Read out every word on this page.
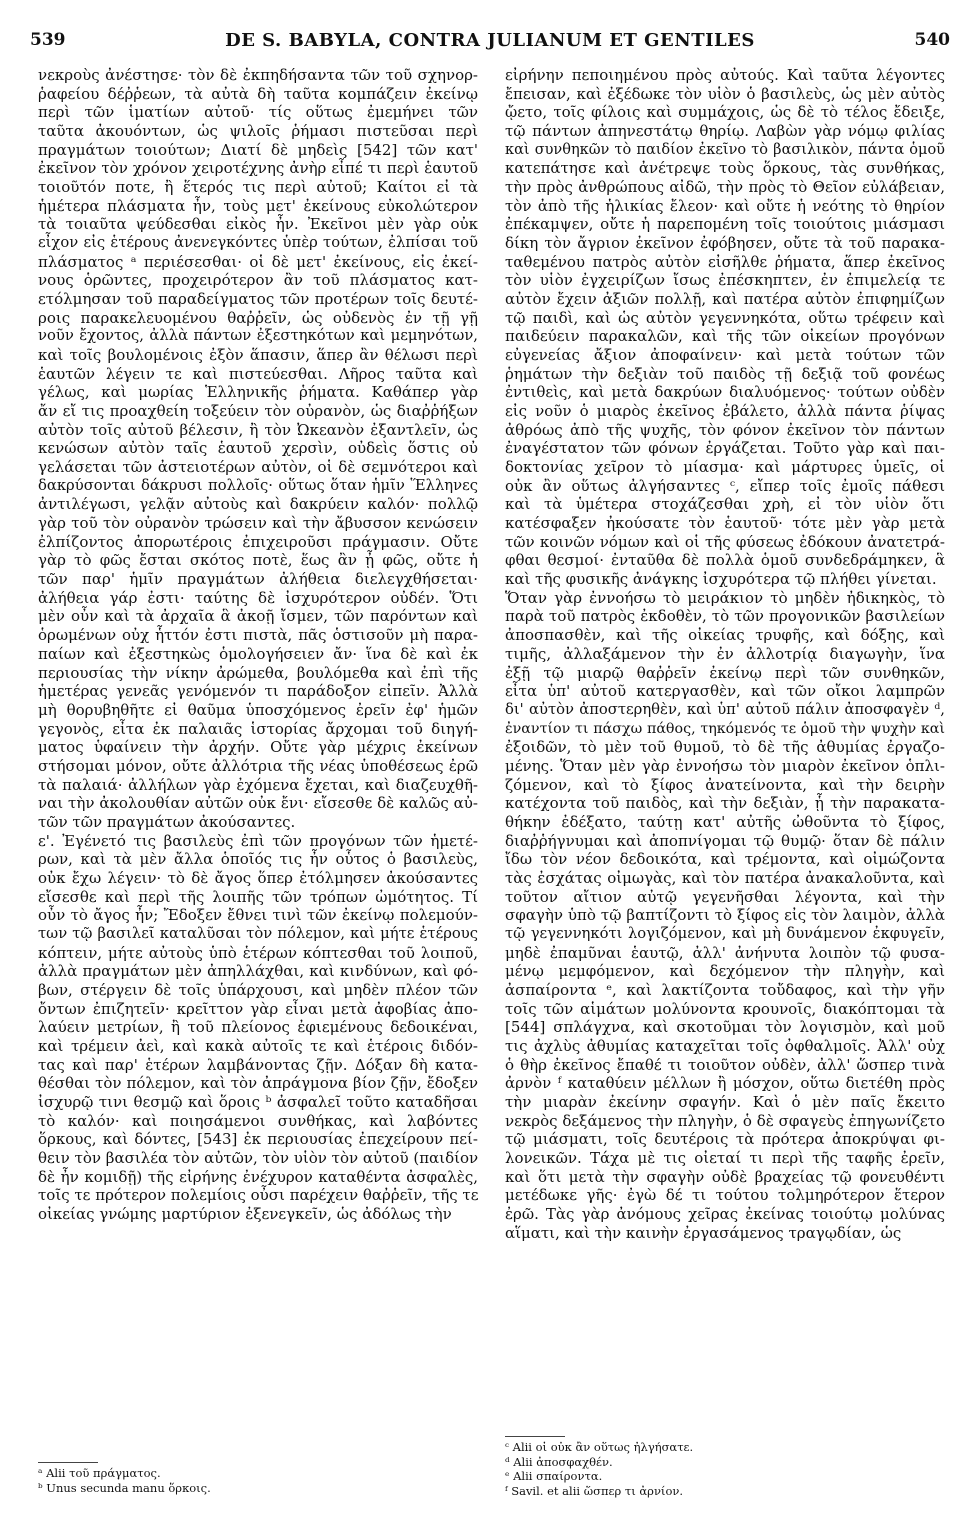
539	DE S. BABYLA, CONTRA JULIANUM ET GENTILES	540
νεκροὺς ἀνέστησε· τὸν δὲ ἐκπηδήσαντα τῶν τοῦ σχηνορ-
ῥαφείου δέῤῥεων, τὰ αὐτὰ δὴ ταῦτα κομπάζειν ἐκείνῳ
περὶ τῶν ἱματίων αὐτοῦ· τίς οὕτως ἐμεμήνει τῶν
ταῦτα ἀκουόντων, ὡς ψιλοῖς ῥήμασι πιστεῦσαι περὶ
πραγμάτων τοιούτων; Διατί δὲ μηδεὶς [542] τῶν κατ'
ἐκεῖνον τὸν χρόνον χειροτέχνης ἀνὴρ εἶπέ τι περὶ ἑαυτοῦ
τοιοῦτόν ποτε, ἢ ἕτερός τις περὶ αὐτοῦ; Καίτοι εἰ τὰ
ἡμέτερα πλάσματα ἦν, τοὺς μετ' ἐκείνους εὐκολώτερον
τὰ τοιαῦτα ψεύδεσθαι εἰκὸς ἦν. Ἐκεῖνοι μὲν γὰρ οὐκ
εἶχον εἰς ἑτέρους ἀνενεγκόντες ὑπὲρ τούτων, ἐλπίσαι τοῦ
πλάσματος ᵃ περιέσεσθαι· οἱ δὲ μετ' ἐκείνους, εἰς ἐκεί-
νους ὁρῶντες, προχειρότερον ἂν τοῦ πλάσματος κατ-
ετόλμησαν τοῦ παραδείγματος τῶν προτέρων τοῖς δευτέ-
ροις παρακελευομένου θαῤῥεῖν, ὡς οὐδενὸς ἐν τῇ γῇ
νοῦν ἔχοντος, ἀλλὰ πάντων ἐξεστηκότων καὶ μεμηνότων,
καὶ τοῖς βουλομένοις ἐξὸν ἅπασιν, ἅπερ ἂν θέλωσι περὶ
ἑαυτῶν λέγειν τε καὶ πιστεύεσθαι. Λῆρος ταῦτα καὶ
γέλως, καὶ μωρίας Ἑλληνικῆς ῥήματα. Καθάπερ γὰρ
ἄν εἴ τις προαχθείη τοξεύειν τὸν οὐρανὸν, ὡς διαῤῥήξων
αὐτὸν τοῖς αὐτοῦ βέλεσιν, ἢ τὸν Ὠκεανὸν ἐξαντλεῖν, ὡς
κενώσων αὐτὸν ταῖς ἑαυτοῦ χερσὶν, οὐδεὶς ὅστις οὐ
γελάσεται τῶν ἀστειοτέρων αὐτὸν, οἱ δὲ σεμνότεροι καὶ
δακρύσονται δάκρυσι πολλοῖς· οὕτως ὅταν ἡμῖν Ἕλληνες
ἀντιλέγωσι, γελᾷν αὐτοὺς καὶ δακρύειν καλόν· πολλῷ
γὰρ τοῦ τὸν οὐρανὸν τρώσειν καὶ τὴν ἄβυσσον κενώσειν
ἐλπίζοντος ἀπορωτέροις ἐπιχειροῦσι πράγμασιν. Οὔτε
γὰρ τὸ φῶς ἔσται σκότος ποτὲ, ἕως ἂν ᾖ φῶς, οὔτε ἡ
τῶν παρ' ἡμῖν πραγμάτων ἀλήθεια διελεγχθήσεται·
ἀλήθεια γάρ ἐστι· ταύτης δὲ ἰσχυρότερον οὐδέν. Ὅτι
μὲν οὖν καὶ τὰ ἀρχαῖα ἃ ἀκοῇ ἴσμεν, τῶν παρόντων καὶ
ὁρωμένων οὐχ ἧττόν ἐστι πιστὰ, πᾶς ὁστισοῦν μὴ παρα-
παίων καὶ ἐξεστηκὼς ὁμολογήσειεν ἄν· ἵνα δὲ καὶ ἐκ
περιουσίας τὴν νίκην ἀρώμεθα, βουλόμεθα καὶ ἐπὶ τῆς
ἡμετέρας γενεᾶς γενόμενόν τι παράδοξον εἰπεῖν. Ἀλλὰ
μὴ θορυβηθῆτε εἰ θαῦμα ὑποσχόμενος ἐρεῖν ἐφ' ἡμῶν
γεγονὸς, εἶτα ἐκ παλαιᾶς ἱστορίας ἄρχομαι τοῦ διηγή-
ματος ὑφαίνειν τὴν ἀρχήν. Οὔτε γὰρ μέχρις ἐκείνων
στήσομαι μόνον, οὔτε ἀλλότρια τῆς νέας ὑποθέσεως ἐρῶ
τὰ παλαιά· ἀλλήλων γὰρ ἐχόμενα ἔχεται, καὶ διαζευχθῆ-
ναι τὴν ἀκολουθίαν αὐτῶν οὐκ ἔνι· εἴσεσθε δὲ καλῶς αὐ-
τῶν τῶν πραγμάτων ἀκούσαντες.
ε'. Ἐγένετό τις βασιλεὺς ἐπὶ τῶν προγόνων τῶν ἡμετέ-
ρων, καὶ τὰ μὲν ἄλλα ὁποῖός τις ἦν οὗτος ὁ βασιλεὺς,
οὐκ ἔχω λέγειν· τὸ δὲ ἄγος ὅπερ ἐτόλμησεν ἀκούσαντες
εἴσεσθε καὶ περὶ τῆς λοιπῆς τῶν τρόπων ὠμότητος. Τί
οὖν τὸ ἄγος ἦν; Ἔδοξεν ἔθνει τινὶ τῶν ἐκείνῳ πολεμούν-
των τῷ βασιλεῖ καταλῦσαι τὸν πόλεμον, καὶ μήτε ἑτέρους
κόπτειν, μήτε αὐτοὺς ὑπὸ ἑτέρων κόπτεσθαι τοῦ λοιποῦ,
ἀλλὰ πραγμάτων μὲν ἀπηλλάχθαι, καὶ κινδύνων, καὶ φό-
βων, στέργειν δὲ τοῖς ὑπάρχουσι, καὶ μηδὲν πλέον τῶν
ὄντων ἐπιζητεῖν· κρεῖττον γὰρ εἶναι μετὰ ἀφοβίας ἀπο-
λαύειν μετρίων, ἢ τοῦ πλείονος ἐφιεμένους δεδοικέναι,
καὶ τρέμειν ἀεὶ, καὶ κακὰ αὐτοῖς τε καὶ ἑτέροις διδόν-
τας καὶ παρ' ἑτέρων λαμβάνοντας ζῇν. Δόξαν δὴ κατα-
θέσθαι τὸν πόλεμον, καὶ τὸν ἀπράγμονα βίον ζῇν, ἔδοξεν
ἰσχυρῷ τινι θεσμῷ καὶ ὅροις ᵇ ἀσφαλεῖ τοῦτο καταδῆσαι
τὸ καλόν· καὶ ποιησάμενοι συνθήκας, καὶ λαβόντες
ὅρκους, καὶ δόντες, [543] ἐκ περιουσίας ἐπεχείρουν πεί-
θειν τὸν βασιλέα τὸν αὐτῶν, τὸν υἱὸν τὸν αὐτοῦ (παιδίον
δὲ ἦν κομιδῇ) τῆς εἰρήνης ἐνέχυρον καταθέντα ἀσφαλὲς,
τοῖς τε πρότερον πολεμίοις οὖσι παρέχειν θαῤῥεῖν, τῆς τε
οἰκείας γνώμης μαρτύριον ἐξενεγκεῖν, ὡς ἀδόλως τὴν
εἰρήνην πεποιημένου πρὸς αὐτούς. Καὶ ταῦτα λέγοντες
ἔπεισαν, καὶ ἐξέδωκε τὸν υἱὸν ὁ βασιλεὺς, ὡς μὲν αὐτὸς
ᾤετο, τοῖς φίλοις καὶ συμμάχοις, ὡς δὲ τὸ τέλος ἔδειξε,
τῷ πάντων ἀπηνεστάτῳ θηρίῳ. Λαβὼν γὰρ νόμῳ φιλίας
καὶ συνθηκῶν τὸ παιδίον ἐκεῖνο τὸ βασιλικὸν, πάντα ὁμοῦ
κατεπάτησε καὶ ἀνέτρεψε τοὺς ὅρκους, τὰς συνθήκας,
τὴν πρὸς ἀνθρώπους αἰδῶ, τὴν πρὸς τὸ Θεῖον εὐλάβειαν,
τὸν ἀπὸ τῆς ἡλικίας ἔλεον· καὶ οὔτε ἡ νεότης τὸ θηρίον
ἐπέκαμψεν, οὔτε ἡ παρεπομένη τοῖς τοιούτοις μιάσμασι
δίκη τὸν ἄγριον ἐκεῖνον ἐφόβησεν, οὔτε τὰ τοῦ παρακα-
ταθεμένου πατρὸς αὐτὸν εἰσῆλθε ῥήματα, ἅπερ ἐκεῖνος
τὸν υἱὸν ἐγχειρίζων ἴσως ἐπέσκηπτεν, ἐν ἐπιμελείᾳ τε
αὐτὸν ἔχειν ἀξιῶν πολλῇ, καὶ πατέρα αὐτὸν ἐπιφημίζων
τῷ παιδὶ, καὶ ὡς αὐτὸν γεγεννηκότα, οὕτω τρέφειν καὶ
παιδεύειν παρακαλῶν, καὶ τῆς τῶν οἰκείων προγόνων
εὐγενείας ἄξιον ἀποφαίνειν· καὶ μετὰ τούτων τῶν
ῥημάτων τὴν δεξιὰν τοῦ παιδὸς τῇ δεξιᾷ τοῦ φονέως
ἐντιθεὶς, καὶ μετὰ δακρύων διαλυόμενος· τούτων οὐδὲν
εἰς νοῦν ὁ μιαρὸς ἐκεῖνος ἐβάλετο, ἀλλὰ πάντα ῥίψας
ἀθρόως ἀπὸ τῆς ψυχῆς, τὸν φόνον ἐκεῖνον τὸν πάντων
ἐναγέστατον τῶν φόνων ἐργάζεται. Τοῦτο γὰρ καὶ παι-
δοκτονίας χεῖρον τὸ μίασμα· καὶ μάρτυρες ὑμεῖς, οἱ
οὐκ ἂν οὕτως ἀλγήσαντες ᶜ, εἴπερ τοῖς ἐμοῖς πάθεσι
καὶ τὰ ὑμέτερα στοχάζεσθαι χρὴ, εἰ τὸν υἱὸν ὅτι
κατέσφαξεν ἠκούσατε τὸν ἑαυτοῦ· τότε μὲν γὰρ μετὰ
τῶν κοινῶν νόμων καὶ οἱ τῆς φύσεως ἐδόκουν ἀνατετρά-
φθαι θεσμοί· ἐνταῦθα δὲ πολλὰ ὁμοῦ συνδεδράμηκεν, ἃ
καὶ τῆς φυσικῆς ἀνάγκης ἰσχυρότερα τῷ πλήθει γίνεται.
Ὅταν γὰρ ἐννοήσω τὸ μειράκιον τὸ μηδὲν ἠδικηκὸς, τὸ
παρὰ τοῦ πατρὸς ἐκδοθὲν, τὸ τῶν προγονικῶν βασιλείων
ἀποσπασθὲν, καὶ τῆς οἰκείας τρυφῆς, καὶ δόξης, καὶ
τιμῆς, ἀλλαξάμενον τὴν ἐν ἀλλοτρίᾳ διαγωγὴν, ἵνα
ἐξῇ τῷ μιαρῷ θαῤῥεῖν ἐκείνῳ περὶ τῶν συνθηκῶν,
εἶτα ὑπ' αὐτοῦ κατεργασθὲν, καὶ τῶν οἴκοι λαμπρῶν
δι' αὐτὸν ἀποστερηθὲν, καὶ ὑπ' αὐτοῦ πάλιν ἀποσφαγὲν ᵈ,
ἐναντίον τι πάσχω πάθος, τηκόμενός τε ὁμοῦ τὴν ψυχὴν καὶ
ἐξοιδῶν, τὸ μὲν τοῦ θυμοῦ, τὸ δὲ τῆς ἀθυμίας ἐργαζο-
μένης. Ὅταν μὲν γὰρ ἐννοήσω τὸν μιαρὸν ἐκεῖνον ὁπλι-
ζόμενον, καὶ τὸ ξίφος ἀνατείνοντα, καὶ τὴν δειρὴν
κατέχοντα τοῦ παιδὸς, καὶ τὴν δεξιὰν, ᾗ τὴν παρακατα-
θήκην ἐδέξατο, ταύτῃ κατ' αὐτῆς ὠθοῦντα τὸ ξίφος,
διαῤῥήγνυμαι καὶ ἀποπνίγομαι τῷ θυμῷ· ὅταν δὲ πάλιν
ἴδω τὸν νέον δεδοικότα, καὶ τρέμοντα, καὶ οἰμώζοντα
τὰς ἐσχάτας οἰμωγὰς, καὶ τὸν πατέρα ἀνακαλοῦντα, καὶ
τοῦτον αἴτιον αὐτῷ γεγενῆσθαι λέγοντα, καὶ τὴν
σφαγὴν ὑπὸ τῷ βαπτίζοντι τὸ ξίφος εἰς τὸν λαιμὸν, ἀλλὰ
τῷ γεγεννηκότι λογιζόμενον, καὶ μὴ δυνάμενον ἐκφυγεῖν,
μηδὲ ἐπαμῦναι ἑαυτῷ, ἀλλ' ἀνήνυτα λοιπὸν τῷ φυσα-
μένῳ μεμφόμενον, καὶ δεχόμενον τὴν πληγὴν, καὶ
ἀσπαίροντα ᵉ, καὶ λακτίζοντα τοὔδαφος, καὶ τὴν γῆν
τοῖς τῶν αἱμάτων μολύνοντα κρουνοῖς, διακόπτομαι τὰ
[544] σπλάγχνα, καὶ σκοτοῦμαι τὸν λογισμὸν, καὶ μοῦ
τις ἀχλὺς ἀθυμίας καταχεῖται τοῖς ὀφθαλμοῖς. Ἀλλ' οὐχ
ὁ θὴρ ἐκεῖνος ἔπαθέ τι τοιοῦτον οὐδὲν, ἀλλ' ὥσπερ τινὰ
ἀρνὸν ᶠ καταθύειν μέλλων ἢ μόσχον, οὕτω διετέθη πρὸς
τὴν μιαρὰν ἐκείνην σφαγήν. Καὶ ὁ μὲν παῖς ἔκειτο
νεκρὸς δεξάμενος τὴν πληγὴν, ὁ δὲ σφαγεὺς ἐπηγωνίζετο
τῷ μιάσματι, τοῖς δευτέροις τὰ πρότερα ἀποκρύψαι φι-
λονεικῶν. Τάχα μὲ τις οἰεταί τι περὶ τῆς ταφῆς ἐρεῖν,
καὶ ὅτι μετὰ τὴν σφαγὴν οὐδὲ βραχείας τῷ φονευθέντι
μετέδωκε γῆς· ἐγὼ δέ τι τούτου τολμηρότερον ἕτερον
ἐρῶ. Τὰς γὰρ ἀνόμους χεῖρας ἐκείνας τοιούτῳ μολύνας
αἵματι, καὶ τὴν καινὴν ἐργασάμενος τραγῳδίαν, ὡς
ᵃ Alii τοῦ πράγματος.
ᵇ Unus secunda manu ὅρκοις.
ᶜ Alii οἱ οὐκ ἂν οὕτως ἠλγήσατε.
ᵈ Alii ἀποσφαχθέν.
ᵉ Alii σπαίροντα.
ᶠ Savil. et alii ὥσπερ τι ἀρνίον.
